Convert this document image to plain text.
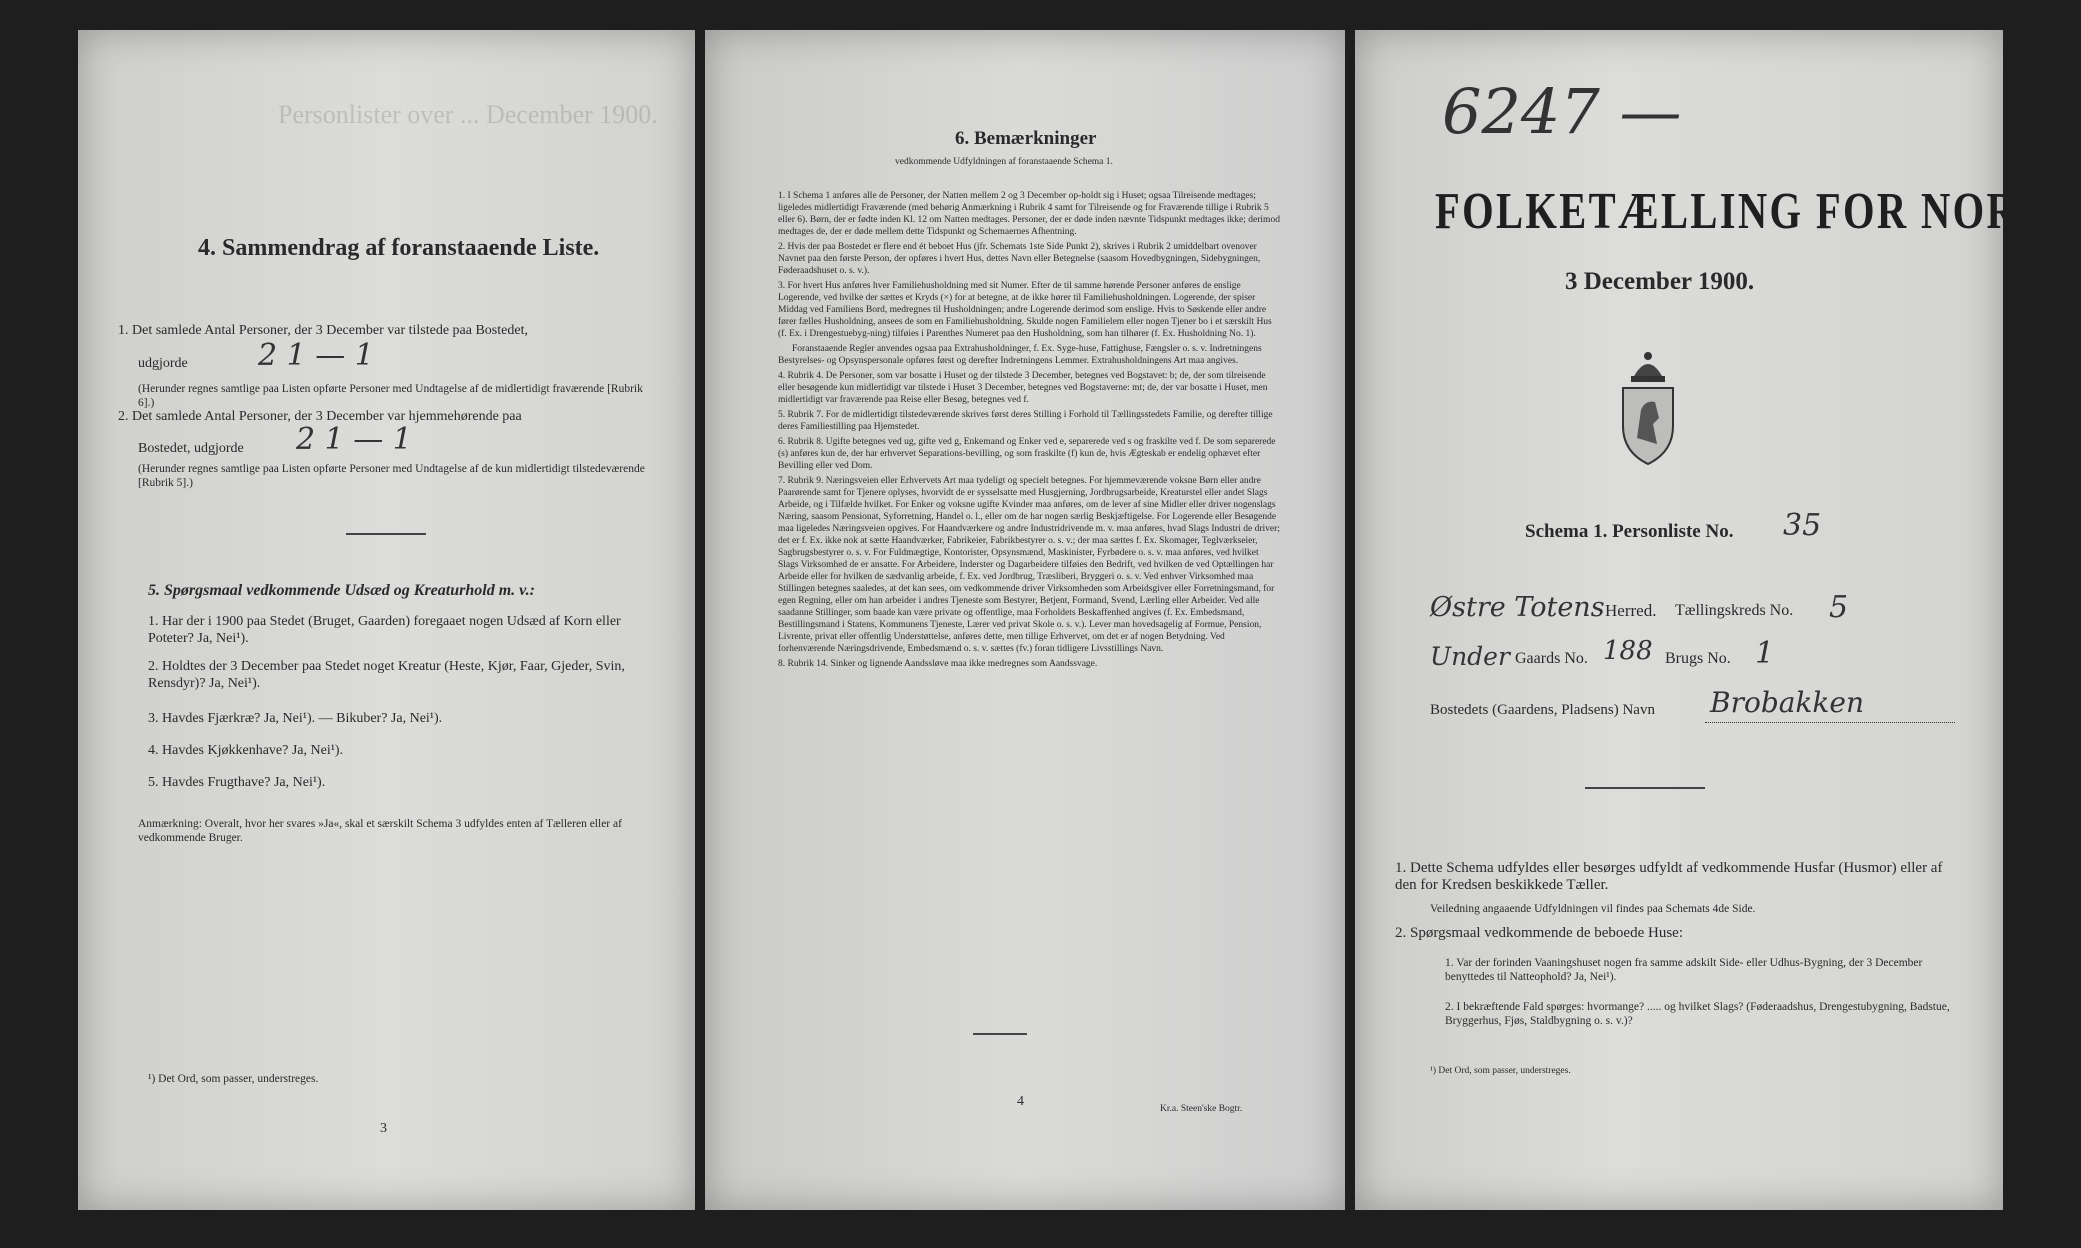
Personlister over ... December 1900.
4. Sammendrag af foranstaaende Liste.
1. Det samlede Antal Personer, der 3 December var tilstede paa Bostedet,
udgjorde 2 1 — 1
(Herunder regnes samtlige paa Listen opførte Personer med Undtagelse af de midlertidigt fraværende [Rubrik 6].)
2. Det samlede Antal Personer, der 3 December var hjemmehørende paa
Bostedet, udgjorde 2 1 — 1
(Herunder regnes samtlige paa Listen opførte Personer med Undtagelse af de kun midlertidigt tilstedeværende [Rubrik 5].)
5. Spørgsmaal vedkommende Udsæd og Kreaturhold m. v.:
1. Har der i 1900 paa Stedet (Bruget, Gaarden) foregaaet nogen Udsæd af Korn eller Poteter? Ja, Nei¹).
2. Holdtes der 3 December paa Stedet noget Kreatur (Heste, Kjør, Faar, Gjeder, Svin, Rensdyr)? Ja, Nei¹).
3. Havdes Fjærkræ? Ja, Nei¹). — Bikuber? Ja, Nei¹).
4. Havdes Kjøkkenhave? Ja, Nei¹).
5. Havdes Frugthave? Ja, Nei¹).
Anmærkning: Overalt, hvor her svares »Ja«, skal et særskilt Schema 3 udfyldes enten af Tælleren eller af vedkommende Bruger.
¹) Det Ord, som passer, understreges.
3
6. Bemærkninger
vedkommende Udfyldningen af foranstaaende Schema 1.
1. I Schema 1 anføres alle de Personer, der Natten mellem 2 og 3 December op-holdt sig i Huset; ogsaa Tilreisende medtages; ligeledes midlertidigt Fraværende (med behørig Anmærkning i Rubrik 4 samt for Tilreisende og for Fraværende tillige i Rubrik 5 eller 6). Børn, der er fødte inden Kl. 12 om Natten medtages. Personer, der er døde inden nævnte Tidspunkt medtages ikke; derimod medtages de, der er døde mellem dette Tidspunkt og Schemaernes Afhentning.
2. Hvis der paa Bostedet er flere end ét beboet Hus (jfr. Schemats 1ste Side Punkt 2), skrives i Rubrik 2 umiddelbart ovenover Navnet paa den første Person, der opføres i hvert Hus, dettes Navn eller Betegnelse (saasom Hovedbygningen, Sidebygningen, Føderaadshuset o. s. v.).
3. For hvert Hus anføres hver Familiehusholdning med sit Numer. Efter de til samme hørende Personer anføres de enslige Logerende, ved hvilke der sættes et Kryds (×) for at betegne, at de ikke hører til Familiehusholdningen. Logerende, der spiser Middag ved Familiens Bord, medregnes til Husholdningen; andre Logerende derimod som enslige. Hvis to Søskende eller andre fører fælles Husholdning, ansees de som en Familiehusholdning. Skulde nogen Familielem eller nogen Tjener bo i et særskilt Hus (f. Ex. i Drengestuebyg-ning) tilføies i Parenthes Numeret paa den Husholdning, som han tilhører (f. Ex. Husholdning No. 1).
Foranstaaende Regler anvendes ogsaa paa Extrahusholdninger, f. Ex. Syge-huse, Fattighuse, Fængsler o. s. v. Indretningens Bestyrelses- og Opsynspersonale opføres først og derefter Indretningens Lemmer. Extrahusholdningens Art maa angives.
4. Rubrik 4. De Personer, som var bosatte i Huset og der tilstede 3 December, betegnes ved Bogstavet: b; de, der som tilreisende eller besøgende kun midlertidigt var tilstede i Huset 3 December, betegnes ved Bogstaverne: mt; de, der var bosatte i Huset, men midlertidigt var fraværende paa Reise eller Besøg, betegnes ved f.
5. Rubrik 7. For de midlertidigt tilstedeværende skrives først deres Stilling i Forhold til Tællingsstedets Familie, og derefter tillige deres Familiestilling paa Hjemstedet.
6. Rubrik 8. Ugifte betegnes ved ug, gifte ved g, Enkemand og Enker ved e, separerede ved s og fraskilte ved f. De som separerede (s) anføres kun de, der har erhvervet Separations-bevilling, og som fraskilte (f) kun de, hvis Ægteskab er endelig ophævet efter Bevilling eller ved Dom.
7. Rubrik 9. Næringsveien eller Erhvervets Art maa tydeligt og specielt betegnes. For hjemmeværende voksne Børn eller andre Paarørende samt for Tjenere oplyses, hvorvidt de er sysselsatte med Husgjerning, Jordbrugsarbeide, Kreaturstel eller andet Slags Arbeide, og i Tilfælde hvilket. For Enker og voksne ugifte Kvinder maa anføres, om de lever af sine Midler eller driver nogenslags Næring, saasom Pensionat, Syforretning, Handel o. l., eller om de har nogen særlig Beskjæftigelse. For Logerende eller Besøgende maa ligeledes Næringsveien opgives. For Haandværkere og andre Industridrivende m. v. maa anføres, hvad Slags Industri de driver; det er f. Ex. ikke nok at sætte Haandværker, Fabrikeier, Fabrikbestyrer o. s. v.; der maa sættes f. Ex. Skomager, Teglværkseier, Sagbrugsbestyrer o. s. v. For Fuldmægtige, Kontorister, Opsynsmænd, Maskinister, Fyrbødere o. s. v. maa anføres, ved hvilket Slags Virksomhed de er ansatte. For Arbeidere, Inderster og Dagarbeidere tilføies den Bedrift, ved hvilken de ved Optællingen har Arbeide eller for hvilken de sædvanlig arbeide, f. Ex. ved Jordbrug, Træsliberi, Bryggeri o. s. v. Ved enhver Virksomhed maa Stillingen betegnes saaledes, at det kan sees, om vedkommende driver Virksomheden som Arbeidsgiver eller Forretningsmand, for egen Regning, eller om han arbeider i andres Tjeneste som Bestyrer, Betjent, Formand, Svend, Lærling eller Arbeider. Ved alle saadanne Stillinger, som baade kan være private og offentlige, maa Forholdets Beskaffenhed angives (f. Ex. Embedsmand, Bestillingsmand i Statens, Kommunens Tjeneste, Lærer ved privat Skole o. s. v.). Lever man hovedsagelig af Formue, Pension, Livrente, privat eller offentlig Understøttelse, anføres dette, men tillige Erhvervet, om det er af nogen Betydning. Ved forhenværende Næringsdrivende, Embedsmænd o. s. v. sættes (fv.) foran tidligere Livsstillings Navn.
8. Rubrik 14. Sinker og lignende Aandssløve maa ikke medregnes som Aandssvage.
4	Kr.a. Steen'ske Bogtr.
6247 —
FOLKETÆLLING FOR NORGE
3 December 1900.
Schema 1. Personliste No. 35
Østre Totens Herred. Tællingskreds No. 5
Under Gaards No. 188 Brugs No. 1
Bostedets (Gaardens, Pladsens) Navn Brobakken
1. Dette Schema udfyldes eller besørges udfyldt af vedkommende Husfar (Husmor) eller af den for Kredsen beskikkede Tæller.
Veiledning angaaende Udfyldningen vil findes paa Schemats 4de Side.
2. Spørgsmaal vedkommende de beboede Huse:
1. Var der forinden Vaaningshuset nogen fra samme adskilt Side- eller Udhus-Bygning, der 3 December benyttedes til Natteophold? Ja, Nei¹).
2. I bekræftende Fald spørges: hvormange? ..... og hvilket Slags? (Føderaadshus, Drengestubygning, Badstue, Bryggerhus, Fjøs, Staldbygning o. s. v.)?
¹) Det Ord, som passer, understreges.
